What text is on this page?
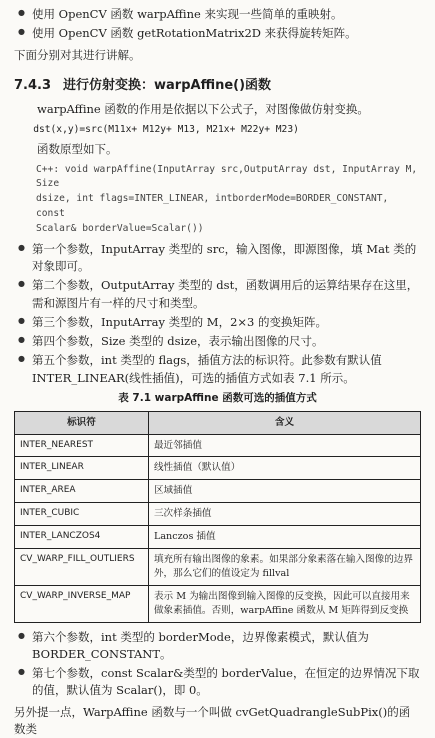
● 使用 OpenCV 函数 warpAffine 来实现一些简单的重映射。
● 使用 OpenCV 函数 getRotationMatrix2D 来获得旋转矩阵。
下面分别对其进行讲解。
7.4.3 进行仿射变换：warpAffine()函数
warpAffine 函数的作用是依据以下公式子，对图像做仿射变换。
dst(x,y)=src(M11x+ M12y+ M13, M21x+ M22y+ M23)
函数原型如下。
C++: void warpAffine(InputArray src,OutputArray dst, InputArray M, Size
dsize, int flags=INTER_LINEAR, intborderMode=BORDER_CONSTANT, const
Scalar& borderValue=Scalar())
● 第一个参数，InputArray 类型的 src，输入图像，即源图像，填 Mat 类的对象即可。
● 第二个参数，OutputArray 类型的 dst，函数调用后的运算结果存在这里，需和源图片有一样的尺寸和类型。
● 第三个参数，InputArray 类型的 M，2×3 的变换矩阵。
● 第四个参数，Size 类型的 dsize，表示输出图像的尺寸。
● 第五个参数，int 类型的 flags，插值方法的标识符。此参数有默认值 INTER_LINEAR(线性插值)，可选的插值方式如表 7.1 所示。
表 7.1 warpAffine 函数可选的插值方式
标识符	含义
INTER_NEAREST	最近邻插值
INTER_LINEAR	线性插值（默认值）
INTER_AREA	区域插值
INTER_CUBIC	三次样条插值
INTER_LANCZOS4	Lanczos 插值
CV_WARP_FILL_OUTLIERS	填充所有输出图像的象素。如果部分象素落在输入图像的边界外，那么它们的值设定为 fillval
CV_WARP_INVERSE_MAP	表示 M 为输出图像到输入图像的反变换，因此可以直接用来做象素插值。否则，warpAffine 函数从 M 矩阵得到反变换
● 第六个参数，int 类型的 borderMode，边界像素模式，默认值为 BORDER_CONSTANT。
● 第七个参数，const Scalar&类型的 borderValue，在恒定的边界情况下取的值，默认值为 Scalar()，即 0。
另外提一点，WarpAffine 函数与一个叫做 cvGetQuadrangleSubPix()的函数类
